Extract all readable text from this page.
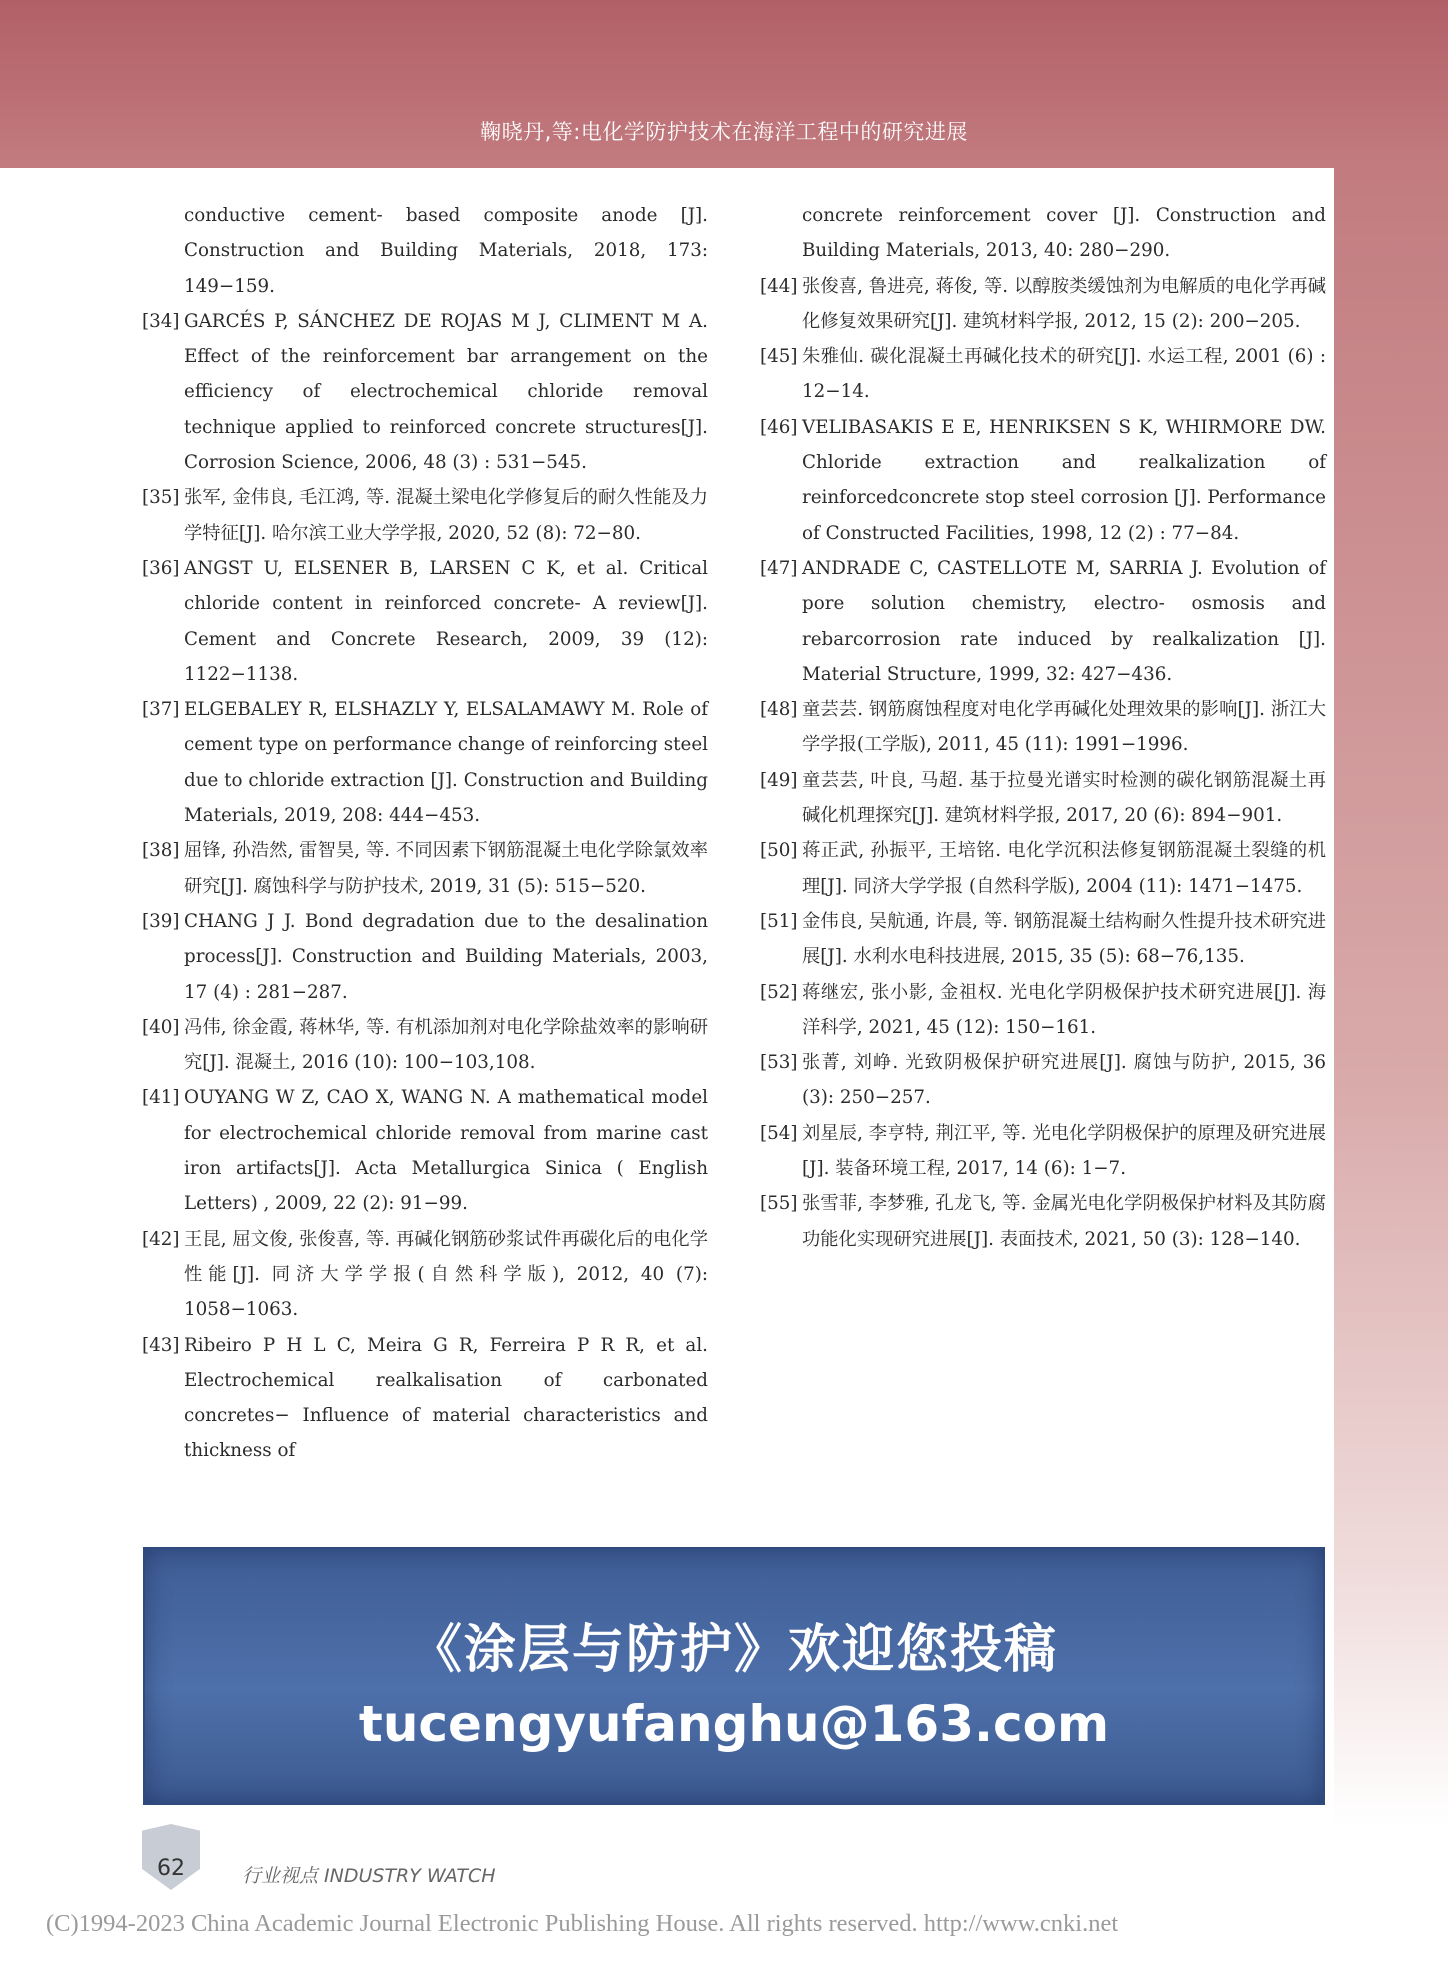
鞠晓丹,等:电化学防护技术在海洋工程中的研究进展
conductive cement- based composite anode [J]. Construction and Building Materials, 2018, 173: 149−159.
[34] GARCÉS P, SÁNCHEZ DE ROJAS M J, CLIMENT M A. Effect of the reinforcement bar arrangement on the efficiency of electrochemical chloride removal technique applied to reinforced concrete structures[J]. Corrosion Science, 2006, 48 (3) : 531−545.
[35] 张军, 金伟良, 毛江鸿, 等. 混凝土梁电化学修复后的耐久性能及力学特征[J]. 哈尔滨工业大学学报, 2020, 52 (8): 72−80.
[36] ANGST U, ELSENER B, LARSEN C K, et al. Critical chloride content in reinforced concrete- A review[J]. Cement and Concrete Research, 2009, 39 (12): 1122−1138.
[37] ELGEBALEY R, ELSHAZLY Y, ELSALAMAWY M. Role of cement type on performance change of reinforcing steel due to chloride extraction [J]. Construction and Building Materials, 2019, 208: 444−453.
[38] 屈锋, 孙浩然, 雷智昊, 等. 不同因素下钢筋混凝土电化学除氯效率研究[J]. 腐蚀科学与防护技术, 2019, 31 (5): 515−520.
[39] CHANG J J. Bond degradation due to the desalination process[J]. Construction and Building Materials, 2003, 17 (4) : 281−287.
[40] 冯伟, 徐金霞, 蒋林华, 等. 有机添加剂对电化学除盐效率的影响研究[J]. 混凝土, 2016 (10): 100−103,108.
[41] OUYANG W Z, CAO X, WANG N. A mathematical model for electrochemical chloride removal from marine cast iron artifacts[J]. Acta Metallurgica Sinica ( English Letters) , 2009, 22 (2): 91−99.
[42] 王昆, 屈文俊, 张俊喜, 等. 再碱化钢筋砂浆试件再碳化后的电化学性能[J]. 同济大学学报(自然科学版), 2012, 40 (7): 1058−1063.
[43] Ribeiro P H L C, Meira G R, Ferreira P R R, et al. Electrochemical realkalisation of carbonated concretes− Influence of material characteristics and thickness of
concrete reinforcement cover [J]. Construction and Building Materials, 2013, 40: 280−290.
[44] 张俊喜, 鲁进亮, 蒋俊, 等. 以醇胺类缓蚀剂为电解质的电化学再碱化修复效果研究[J]. 建筑材料学报, 2012, 15 (2): 200−205.
[45] 朱雅仙. 碳化混凝土再碱化技术的研究[J]. 水运工程, 2001 (6) : 12−14.
[46] VELIBASAKIS E E, HENRIKSEN S K, WHIRMORE DW. Chloride extraction and realkalization of reinforcedconcrete stop steel corrosion [J]. Performance of Constructed Facilities, 1998, 12 (2) : 77−84.
[47] ANDRADE C, CASTELLOTE M, SARRIA J. Evolution of pore solution chemistry, electro- osmosis and rebarcorrosion rate induced by realkalization [J]. Material Structure, 1999, 32: 427−436.
[48] 童芸芸. 钢筋腐蚀程度对电化学再碱化处理效果的影响[J]. 浙江大学学报(工学版), 2011, 45 (11): 1991−1996.
[49] 童芸芸, 叶良, 马超. 基于拉曼光谱实时检测的碳化钢筋混凝土再碱化机理探究[J]. 建筑材料学报, 2017, 20 (6): 894−901.
[50] 蒋正武, 孙振平, 王培铭. 电化学沉积法修复钢筋混凝土裂缝的机理[J]. 同济大学学报 (自然科学版), 2004 (11): 1471−1475.
[51] 金伟良, 吴航通, 许晨, 等. 钢筋混凝土结构耐久性提升技术研究进展[J]. 水利水电科技进展, 2015, 35 (5): 68−76,135.
[52] 蒋继宏, 张小影, 金祖权. 光电化学阴极保护技术研究进展[J]. 海洋科学, 2021, 45 (12): 150−161.
[53] 张菁, 刘峥. 光致阴极保护研究进展[J]. 腐蚀与防护, 2015, 36 (3): 250−257.
[54] 刘星辰, 李亨特, 荆江平, 等. 光电化学阴极保护的原理及研究进展[J]. 装备环境工程, 2017, 14 (6): 1−7.
[55] 张雪菲, 李梦雅, 孔龙飞, 等. 金属光电化学阴极保护材料及其防腐功能化实现研究进展[J]. 表面技术, 2021, 50 (3): 128−140.
《涂层与防护》欢迎您投稿
tucengyufanghu@163.com
62	行业视点 INDUSTRY WATCH
(C)1994-2023 China Academic Journal Electronic Publishing House. All rights reserved. http://www.cnki.net
